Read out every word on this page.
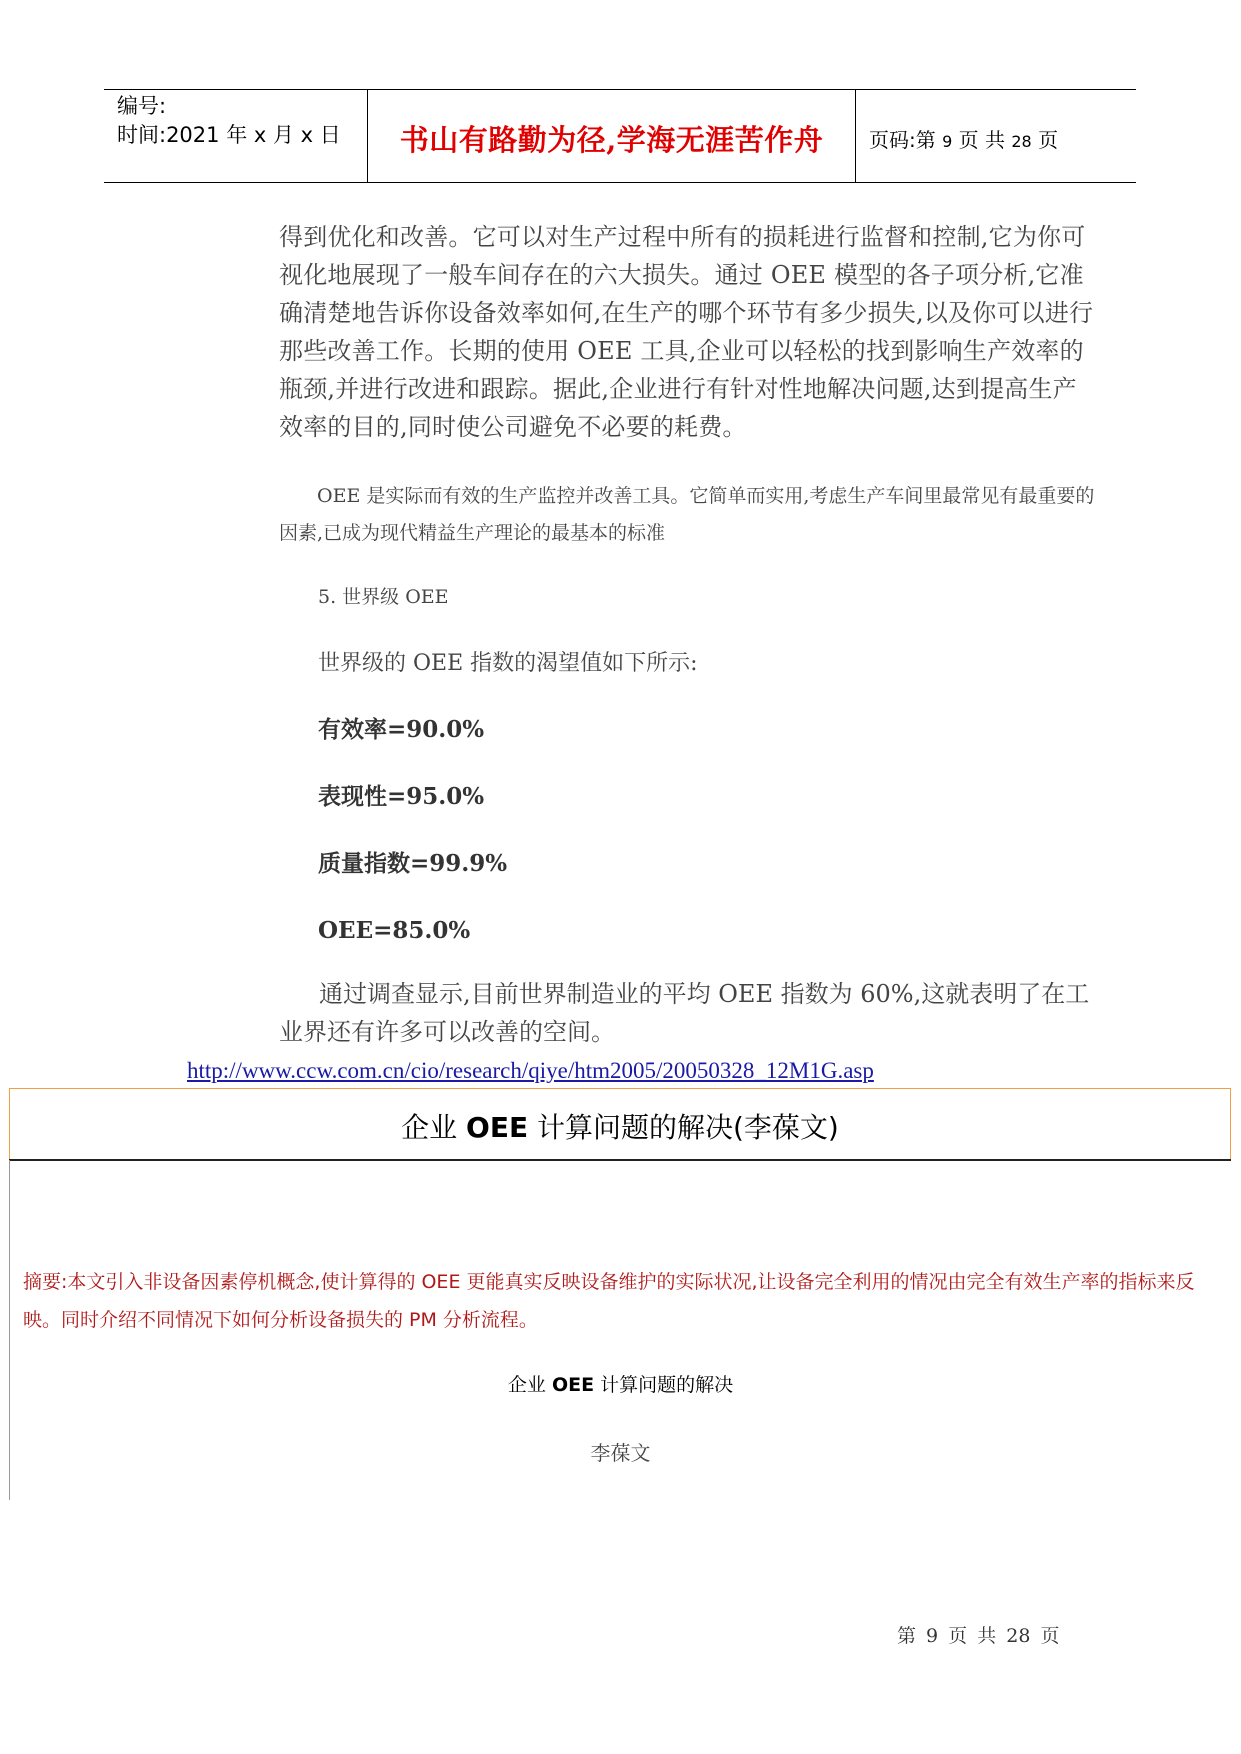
编号:
时间:2021 年 x 月 x 日	书山有路勤为径,学海无涯苦作舟	页码:第 9 页 共 28 页
得到优化和改善。它可以对生产过程中所有的损耗进行监督和控制,它为你可视化地展现了一般车间存在的六大损失。通过 OEE 模型的各子项分析,它准确清楚地告诉你设备效率如何,在生产的哪个环节有多少损失,以及你可以进行那些改善工作。长期的使用 OEE 工具,企业可以轻松的找到影响生产效率的瓶颈,并进行改进和跟踪。据此,企业进行有针对性地解决问题,达到提高生产效率的目的,同时使公司避免不必要的耗费。
OEE 是实际而有效的生产监控并改善工具。它简单而实用,考虑生产车间里最常见有最重要的因素,已成为现代精益生产理论的最基本的标准
5. 世界级 OEE
世界级的 OEE 指数的渴望值如下所示:
有效率=90.0%
表现性=95.0%
质量指数=99.9%
OEE=85.0%
通过调查显示,目前世界制造业的平均 OEE 指数为 60%,这就表明了在工业界还有许多可以改善的空间。
http://www.ccw.com.cn/cio/research/qiye/htm2005/20050328_12M1G.asp
企业 OEE 计算问题的解决(李葆文)
摘要:本文引入非设备因素停机概念,使计算得的 OEE 更能真实反映设备维护的实际状况,让设备完全利用的情况由完全有效生产率的指标来反映。同时介绍不同情况下如何分析设备损失的 PM 分析流程。
企业 OEE 计算问题的解决
李葆文
第 9 页 共 28 页
